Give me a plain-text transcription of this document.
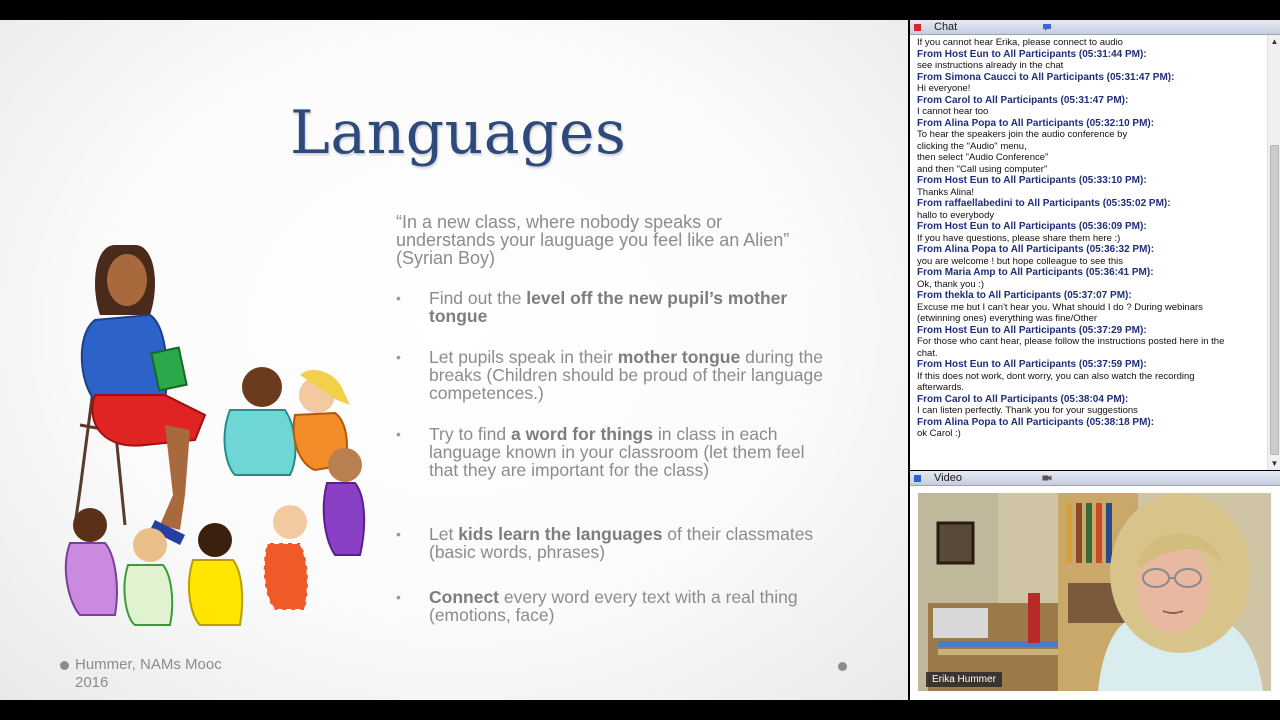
Languages
“In a new class, where nobody speaks or understands your lauguage you feel like an Alien” (Syrian Boy)
• Find out the level off the new pupil’s mother tongue
• Let pupils speak in their mother tongue during the breaks (Children should be proud of their language competences.)
• Try to find a word for things in class in each language known in your classroom (let them feel that they are important for the class)
• Let kids learn the languages of their classmates (basic words, phrases)
• Connect every word every text with a real thing (emotions, face)
Hummer, NAMs Mooc 2016
Chat
If you cannot hear Erika, please connect to audio
From Host Eun to All Participants (05:31:44 PM):
see instructions already in the chat
From Simona Caucci to All Participants (05:31:47 PM):
Hi everyone!
From Carol to All Participants (05:31:47 PM):
I cannot hear too
From Alina Popa to All Participants (05:32:10 PM):
To hear the speakers join the audio conference by
clicking the "Audio" menu,
then select "Audio Conference"
and then "Call using computer"
From Host Eun to All Participants (05:33:10 PM):
Thanks Alina!
From raffaellabedini to All Participants (05:35:02 PM):
hallo to everybody
From Host Eun to All Participants (05:36:09 PM):
If you have questions, please share them here :)
From Alina Popa to All Participants (05:36:32 PM):
you are welcome ! but hope colleague to see this
From Maria Amp to All Participants (05:36:41 PM):
Ok, thank you :)
From thekla to All Participants (05:37:07 PM):
Excuse me but I can't hear you. What should I do ? During webinars
(etwinning ones) everything was fine/Other
From Host Eun to All Participants (05:37:29 PM):
For those who cant hear, please follow the instructions posted here in the
chat.
From Host Eun to All Participants (05:37:59 PM):
If this does not work, dont worry, you can also watch the recording
afterwards.
From Carol to All Participants (05:38:04 PM):
I can listen perfectly. Thank you for your suggestions
From Alina Popa to All Participants (05:38:18 PM):
ok Carol :)
▲
▼
Video
Erika Hummer
